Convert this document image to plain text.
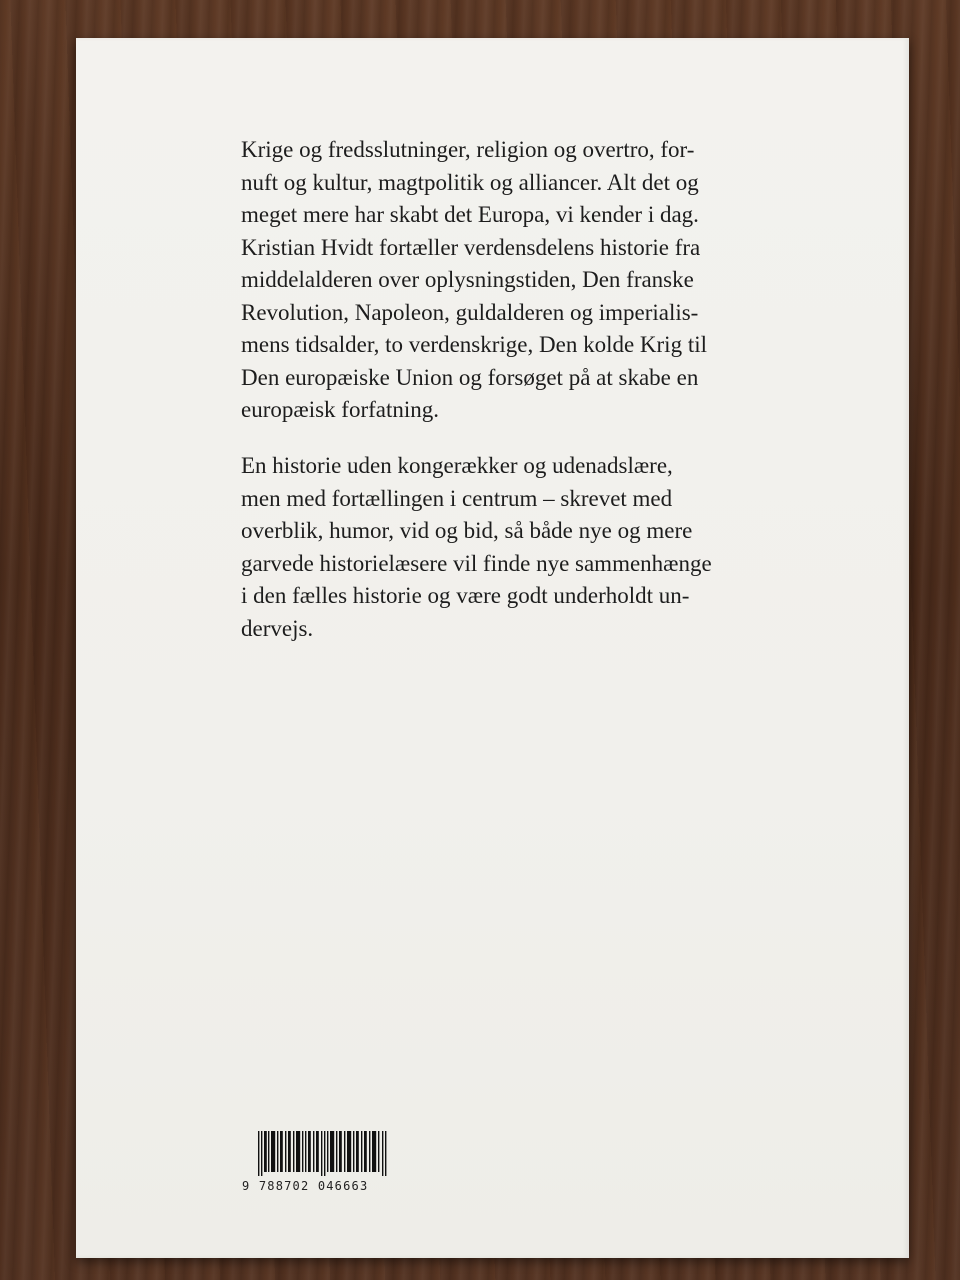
Krige og fredsslutninger, religion og overtro, for-
nuft og kultur, magtpolitik og alliancer. Alt det og
meget mere har skabt det Europa, vi kender i dag.
Kristian Hvidt fortæller verdensdelens historie fra
middelalderen over oplysningstiden, Den franske
Revolution, Napoleon, guldalderen og imperialis-
mens tidsalder, to verdenskrige, Den kolde Krig til
Den europæiske Union og forsøget på at skabe en
europæisk forfatning.
En historie uden kongerækker og udenadslære,
men med fortællingen i centrum – skrevet med
overblik, humor, vid og bid, så både nye og mere
garvede historielæsere vil finde nye sammenhænge
i den fælles historie og være godt underholdt un-
dervejs.
9 788702 046663
